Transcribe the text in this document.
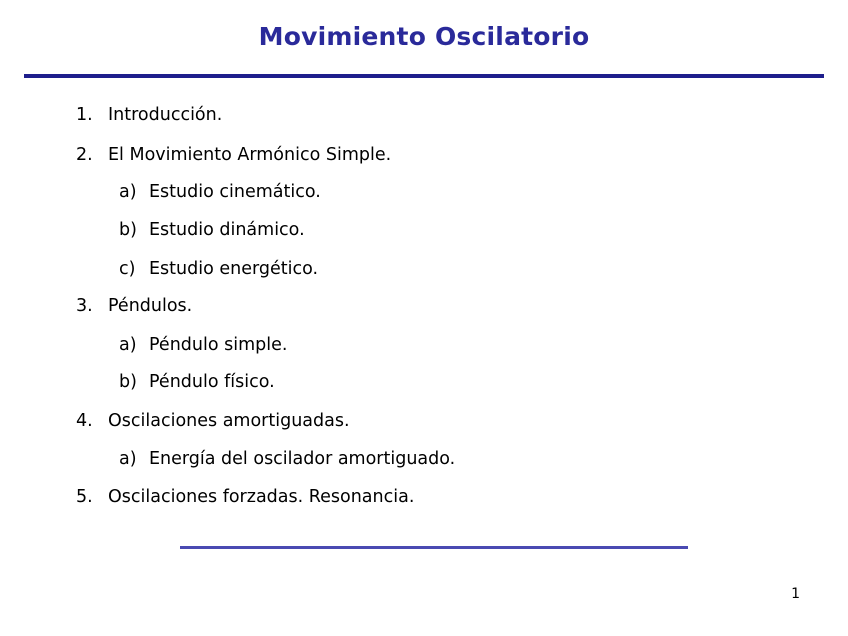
Movimiento Oscilatorio
1. Introducción.
2. El Movimiento Armónico Simple.
a) Estudio cinemático.
b) Estudio dinámico.
c) Estudio energético.
3. Péndulos.
a) Péndulo simple.
b) Péndulo físico.
4. Oscilaciones amortiguadas.
a) Energía del oscilador amortiguado.
5. Oscilaciones forzadas. Resonancia.
1
